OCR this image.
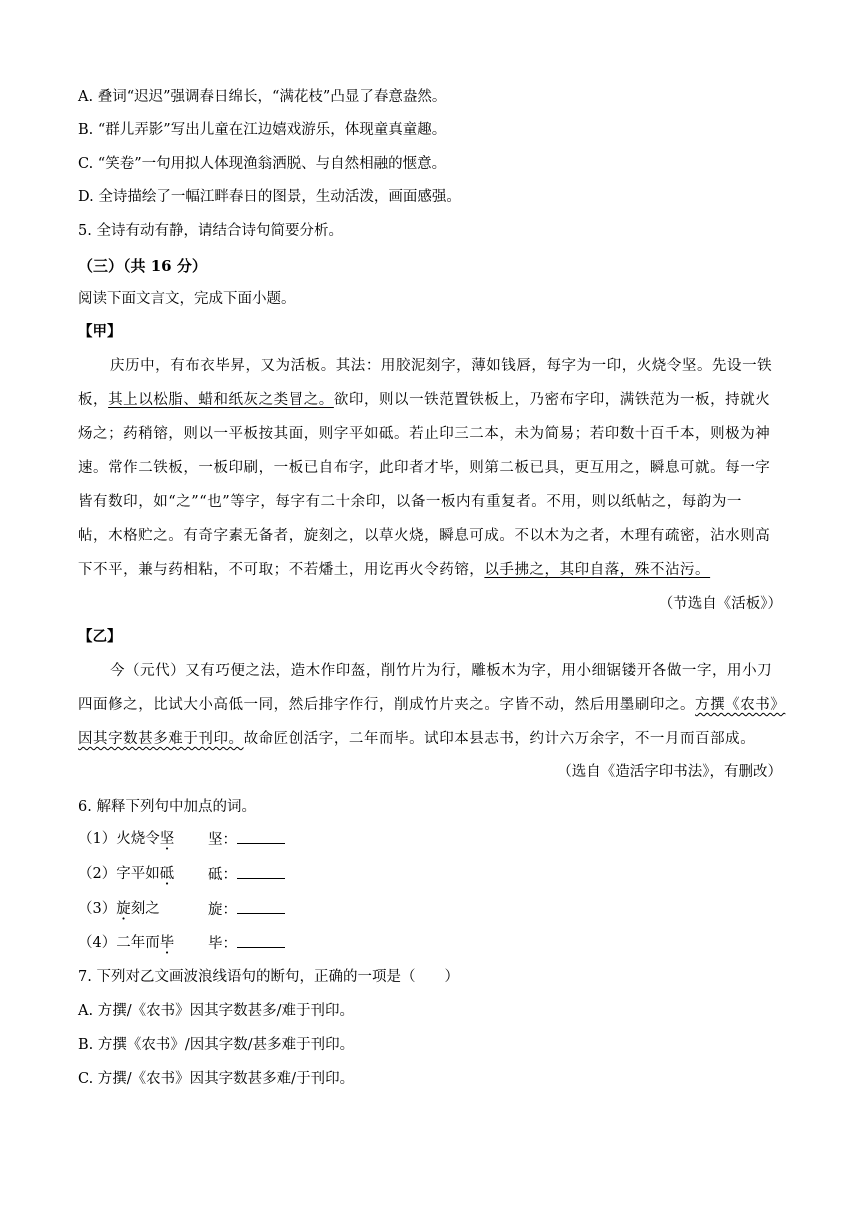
A. 叠词“迟迟”强调春日绵长，“满花枝”凸显了春意盎然。
B. “群儿弄影”写出儿童在江边嬉戏游乐，体现童真童趣。
C. “笑卷”一句用拟人体现渔翁洒脱、与自然相融的惬意。
D. 全诗描绘了一幅江畔春日的图景，生动活泼，画面感强。
5. 全诗有动有静，请结合诗句简要分析。
（三）（共 16 分）
阅读下面文言文，完成下面小题。
【甲】
庆历中，有布衣毕昇，又为活板。其法：用胶泥刻字，薄如钱唇，每字为一印，火烧令坚。先设一铁
板，其上以松脂、蜡和纸灰之类冒之。欲印，则以一铁范置铁板上，乃密布字印，满铁范为一板，持就火
炀之；药稍镕，则以一平板按其面，则字平如砥。若止印三二本，未为简易；若印数十百千本，则极为神
速。常作二铁板，一板印刷，一板已自布字，此印者才毕，则第二板已具，更互用之，瞬息可就。每一字
皆有数印，如“之”“也”等字，每字有二十余印，以备一板内有重复者。不用，则以纸帖之，每韵为一
帖，木格贮之。有奇字素无备者，旋刻之，以草火烧，瞬息可成。不以木为之者，木理有疏密，沾水则高
下不平，兼与药相粘，不可取；不若燔土，用讫再火令药镕，以手拂之，其印自落，殊不沾污。
（节选自《活板》）
【乙】
今（元代）又有巧便之法，造木作印盔，削竹片为行，雕板木为字，用小细锯镂开各做一字，用小刀
四面修之，比试大小高低一同，然后排字作行，削成竹片夹之。字皆不动，然后用墨刷印之。方撰《农书》
因其字数甚多难于刊印。故命匠创活字，二年而毕。试印本县志书，约计六万余字，不一月而百部成。
（选自《造活字印书法》，有删改）
6. 解释下列句中加点的词。
（1）火烧令坚 坚：
（2）字平如砥 砥：
（3）旋刻之	旋：
（4）二年而毕 毕：
7. 下列对乙文画波浪线语句的断句，正确的一项是（　　）
A. 方撰/《农书》因其字数甚多/难于刊印。
B. 方撰《农书》/因其字数/甚多难于刊印。
C. 方撰/《农书》因其字数甚多难/于刊印。
